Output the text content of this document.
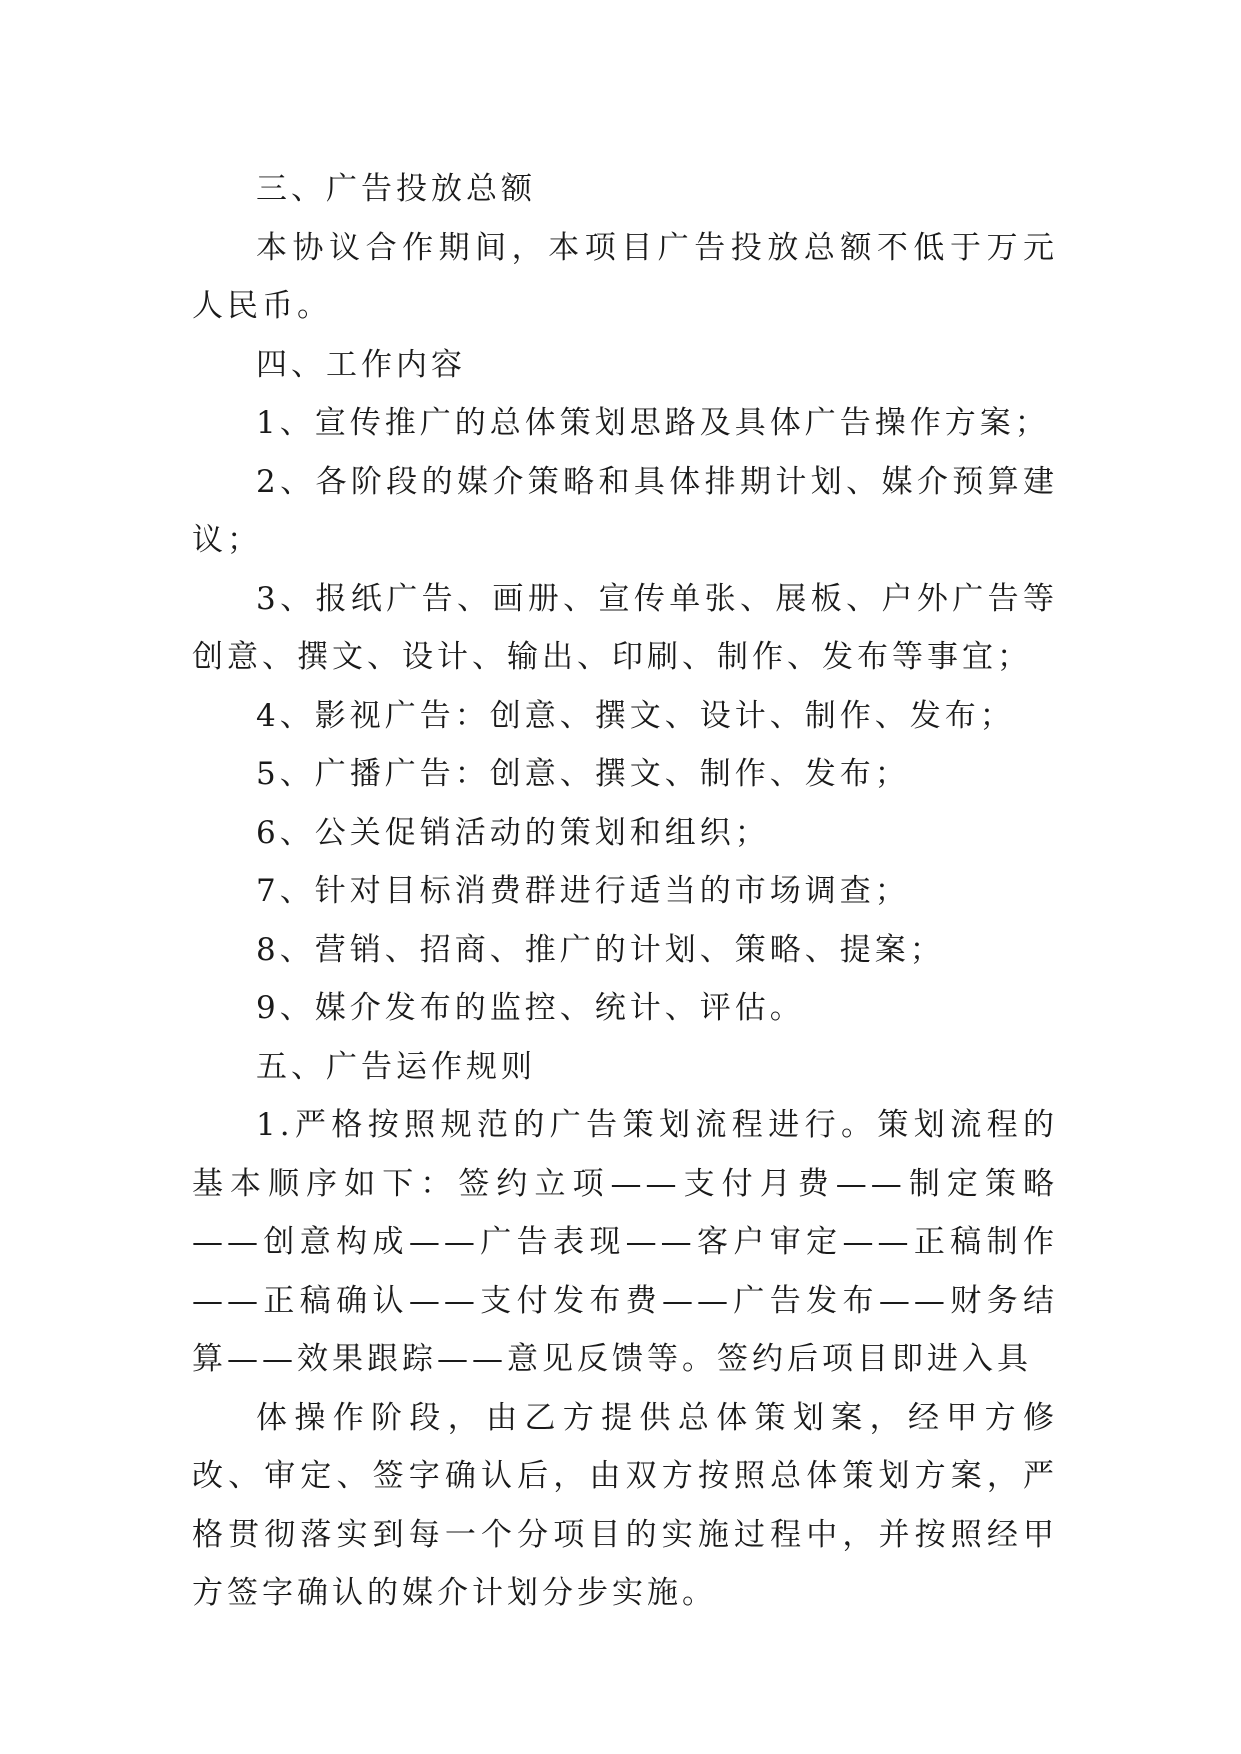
三、广告投放总额

本协议合作期间，本项目广告投放总额不低于万元人民币。

四、工作内容

1、宣传推广的总体策划思路及具体广告操作方案；

2、各阶段的媒介策略和具体排期计划、媒介预算建议；

3、报纸广告、画册、宣传单张、展板、户外广告等创意、撰文、设计、输出、印刷、制作、发布等事宜；

4、影视广告：创意、撰文、设计、制作、发布；

5、广播广告：创意、撰文、制作、发布；

6、公关促销活动的策划和组织；

7、针对目标消费群进行适当的市场调查；

8、营销、招商、推广的计划、策略、提案；

9、媒介发布的监控、统计、评估。

五、广告运作规则

1.严格按照规范的广告策划流程进行。策划流程的基本顺序如下：签约立项——支付月费——制定策略——创意构成——广告表现——客户审定——正稿制作——正稿确认——支付发布费——广告发布——财务结算——效果跟踪——意见反馈等。签约后项目即进入具

体操作阶段，由乙方提供总体策划案，经甲方修改、审定、签字确认后，由双方按照总体策划方案，严格贯彻落实到每一个分项目的实施过程中，并按照经甲方签字确认的媒介计划分步实施。
